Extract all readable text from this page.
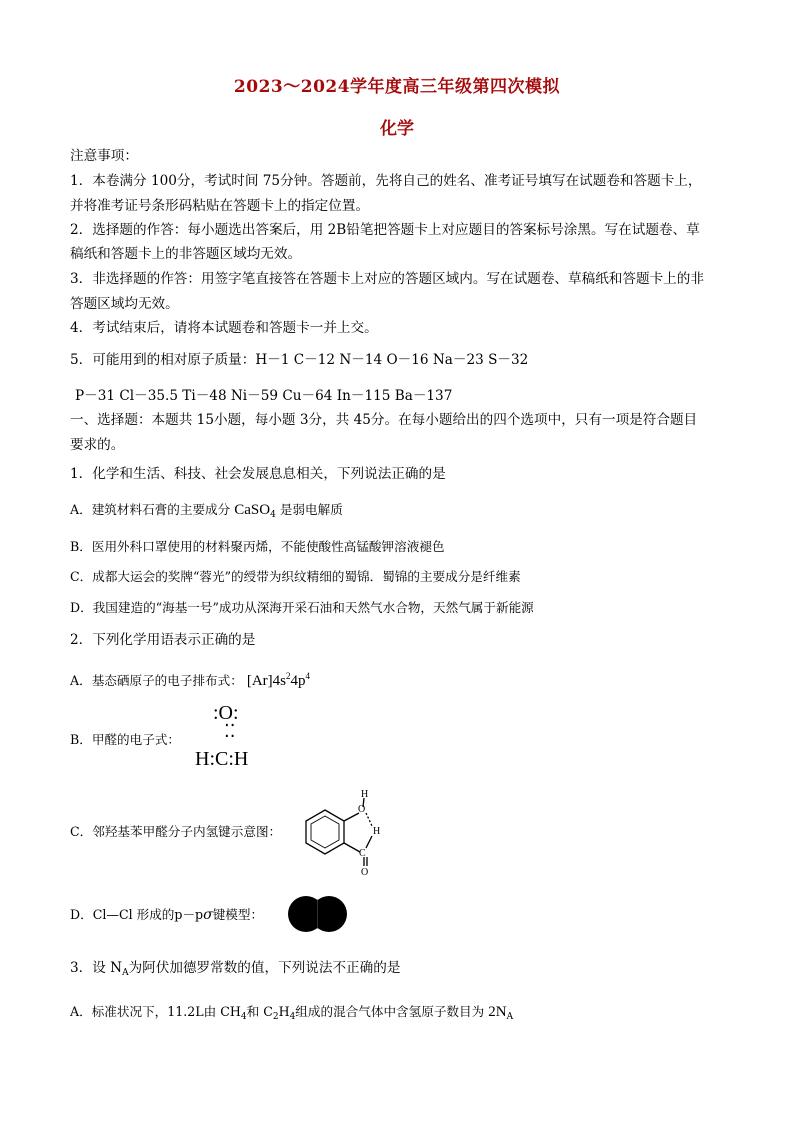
2023～2024学年度高三年级第四次模拟
化学
注意事项：
1．本卷满分 100分，考试时间 75分钟。答题前，先将自己的姓名、准考证号填写在试题卷和答题卡上，
并将准考证号条形码粘贴在答题卡上的指定位置。
2．选择题的作答：每小题选出答案后，用 2B铅笔把答题卡上对应题目的答案标号涂黑。写在试题卷、草
稿纸和答题卡上的非答题区域均无效。
3．非选择题的作答：用签字笔直接答在答题卡上对应的答题区域内。写在试题卷、草稿纸和答题卡上的非
答题区域均无效。
4．考试结束后，请将本试题卷和答题卡一并上交。
5．可能用到的相对原子质量：H－1 C－12 N－14 O－16 Na－23 S－32
P－31 Cl－35.5 Ti－48 Ni－59 Cu－64 In－115 Ba－137
一、选择题：本题共 15小题，每小题 3分，共 45分。在每小题给出的四个选项中，只有一项是符合题目
要求的。
1．化学和生活、科技、社会发展息息相关，下列说法正确的是
A．建筑材料石膏的主要成分 CaSO$_4$ 是弱电解质
B．医用外科口罩使用的材料聚丙烯，不能使酸性高锰酸钾溶液褪色
C．成都大运会的奖牌“蓉光”的绶带为织纹精细的蜀锦．蜀锦的主要成分是纤维素
D．我国建造的“海基一号”成功从深海开采石油和天然气水合物，天然气属于新能源
2．下列化学用语表示正确的是
A．基态硒原子的电子排布式： $[Ar]4s^24p^4$
B．甲醛的电子式：
:O:
⁚⁚
H:C:H
C．邻羟基苯甲醛分子内氢键示意图：
H
O
H
C
O
D．Cl—Cl 形成的p－pσ键模型：
3．设 $N_A$为阿伏加德罗常数的值，下列说法不正确的是
A．标准状况下，11.2L由 $CH_4$和 $C_2H_4$组成的混合气体中含氢原子数目为 $2N_A$
